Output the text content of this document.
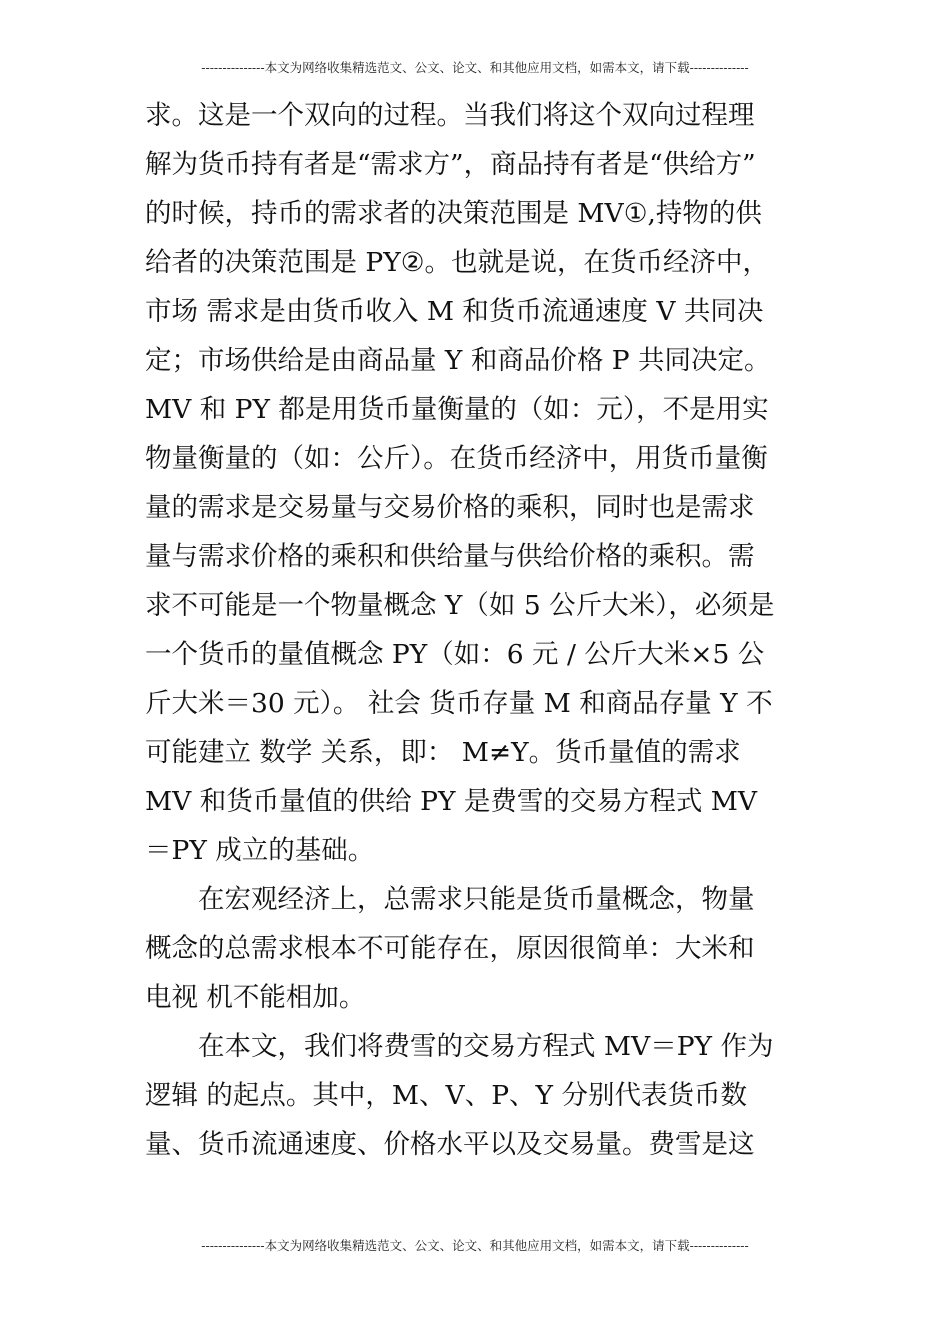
---------------本文为网络收集精选范文、公文、论文、和其他应用文档，如需本文，请下载--------------
求。这是一个双向的过程。当我们将这个双向过程理
解为货币持有者是“需求方”，商品持有者是“供给方”
的时候，持币的需求者的决策范围是 MV①,持物的供
给者的决策范围是 PY②。也就是说，在货币经济中，
市场 需求是由货币收入 M 和货币流通速度 V 共同决
定；市场供给是由商品量 Y 和商品价格 P 共同决定。
MV 和 PY 都是用货币量衡量的（如：元），不是用实
物量衡量的（如：公斤）。在货币经济中，用货币量衡
量的需求是交易量与交易价格的乘积，同时也是需求
量与需求价格的乘积和供给量与供给价格的乘积。需
求不可能是一个物量概念 Y（如 5 公斤大米），必须是
一个货币的量值概念 PY（如：6 元 / 公斤大米×5 公
斤大米＝30 元）。 社会 货币存量 M 和商品存量 Y 不
可能建立 数学 关系，即： M≠Y。货币量值的需求
MV 和货币量值的供给 PY 是费雪的交易方程式 MV
＝PY 成立的基础。
在宏观经济上，总需求只能是货币量概念，物量
概念的总需求根本不可能存在，原因很简单：大米和
电视 机不能相加。
在本文，我们将费雪的交易方程式 MV＝PY 作为
逻辑 的起点。其中，M、V、P、Y 分别代表货币数
量、货币流通速度、价格水平以及交易量。费雪是这
---------------本文为网络收集精选范文、公文、论文、和其他应用文档，如需本文，请下载--------------
